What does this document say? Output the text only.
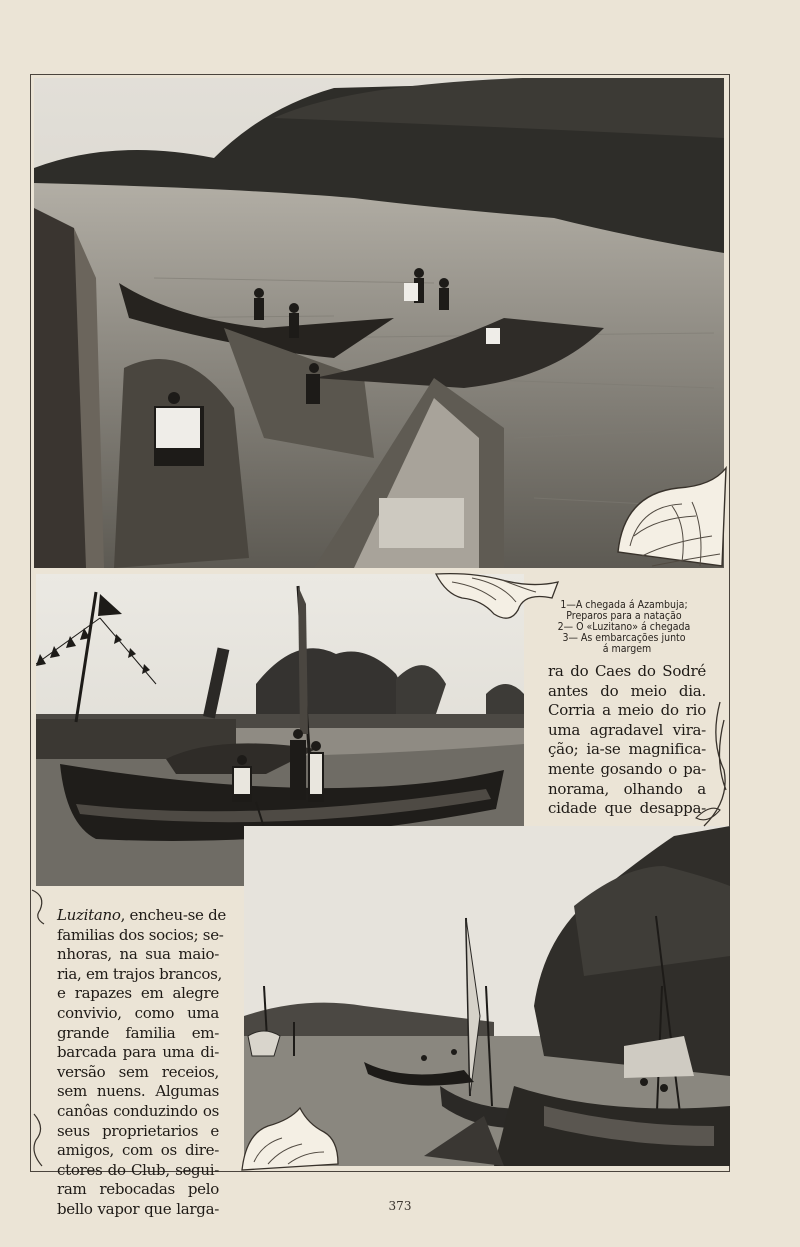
1—A chegada á Azambuja;
Preparos para a natação
2— O «Luzitano» á chegada
3— As embarcações junto
á margem
ra do Caes do Sodré
antes do meio dia.
Corria a meio do rio
uma agradavel vira-
ção; ia-se magnifica-
mente gosando o pa-
norama, olhando a
cidade que desappa-
Luzitano, encheu-se de
familias dos socios; se-
nhoras, na sua maio-
ria, em trajos brancos,
e rapazes em alegre
convivio, como uma
grande familia em-
barcada para uma di-
versão sem receios,
sem nuens. Algumas
canôas conduzindo os
seus proprietarios e
amigos, com os dire-
ctores do Club, segui-
ram rebocadas pelo
bello vapor que larga-	373
